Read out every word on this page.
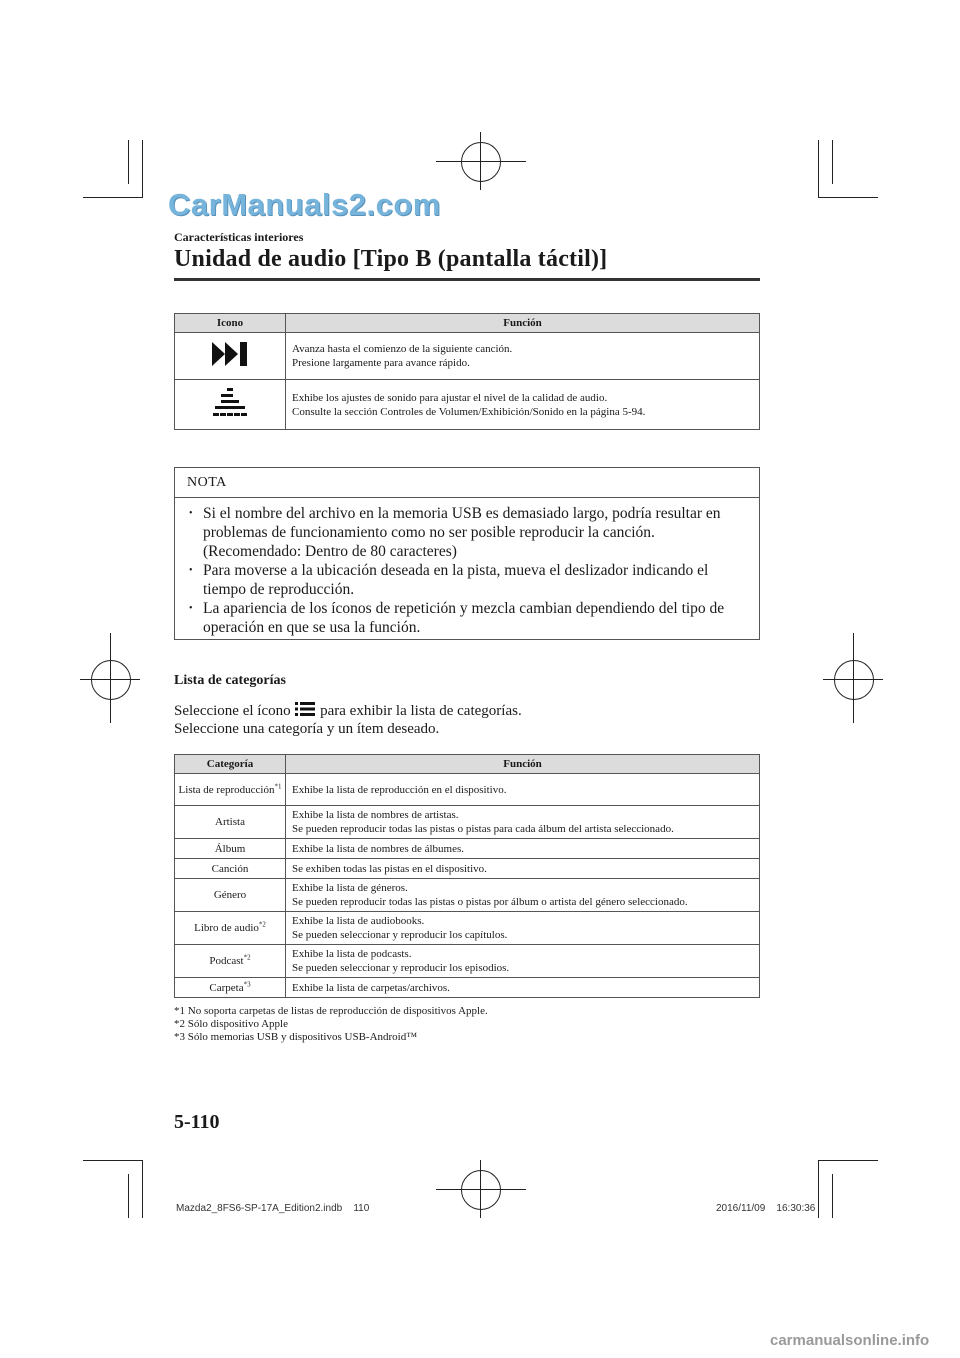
CarManuals2.com
Características interiores
Unidad de audio [Tipo B (pantalla táctil)]
Icono	Función

Avanza hasta el comienzo de la siguiente canción.
Presione largamente para avance rápido.

Exhibe los ajustes de sonido para ajustar el nivel de la calidad de audio.
Consulte la sección Controles de Volumen/Exhibición/Sonido en la página 5-94.
NOTA
• Si el nombre del archivo en la memoria USB es demasiado largo, podría resultar en problemas de funcionamiento como no ser posible reproducir la canción. (Recomendado: Dentro de 80 caracteres)
• Para moverse a la ubicación deseada en la pista, mueva el deslizador indicando el tiempo de reproducción.
• La apariencia de los íconos de repetición y mezcla cambian dependiendo del tipo de operación en que se usa la función.
Lista de categorías
Seleccione el ícono para exhibir la lista de categorías.
Seleccione una categoría y un ítem deseado.
Categoría	Función
Lista de reproducción$^{*1}$	Exhibe la lista de reproducción en el dispositivo.

Artista	Exhibe la lista de nombres de artistas.
Se pueden reproducir todas las pistas o pistas para cada álbum del artista seleccionado.

Álbum	Exhibe la lista de nombres de álbumes.

Canción	Se exhiben todas las pistas en el dispositivo.

Género	Exhibe la lista de géneros.
Se pueden reproducir todas las pistas o pistas por álbum o artista del género seleccionado.

Libro de audio$^{*2}$	Exhibe la lista de audiobooks.
Se pueden seleccionar y reproducir los capítulos.

Podcast$^{*2}$	Exhibe la lista de podcasts.
Se pueden seleccionar y reproducir los episodios.

Carpeta$^{*3}$	Exhibe la lista de carpetas/archivos.
*1 No soporta carpetas de listas de reproducción de dispositivos Apple.
*2 Sólo dispositivo Apple
*3 Sólo memorias USB y dispositivos USB-Android™
5-110
Mazda2_8FS6-SP-17A_Edition2.indb    110	2016/11/09    16:30:36
carmanualsonline.info
